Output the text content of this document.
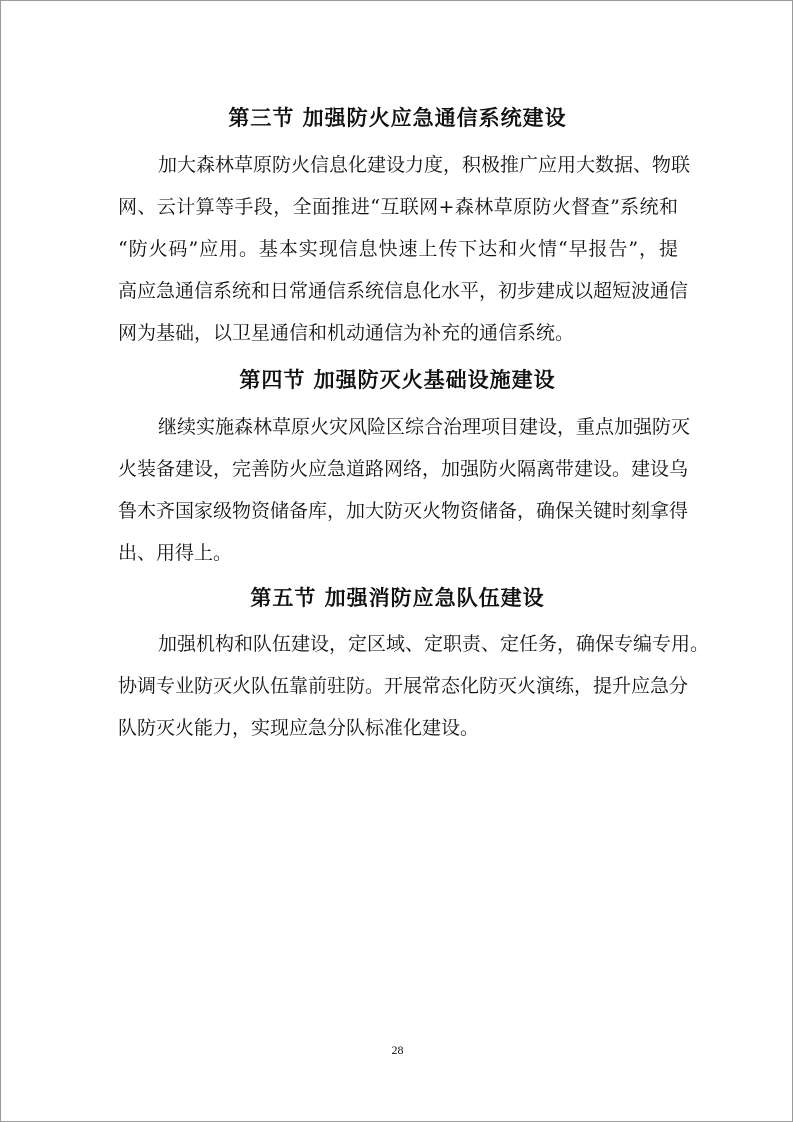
第三节 加强防火应急通信系统建设
加大森林草原防火信息化建设力度，积极推广应用大数据、物联
网、云计算等手段，全面推进“互联网+森林草原防火督查”系统和
“防火码”应用。基本实现信息快速上传下达和火情“早报告”，提
高应急通信系统和日常通信系统信息化水平，初步建成以超短波通信
网为基础，以卫星通信和机动通信为补充的通信系统。
第四节 加强防灭火基础设施建设
继续实施森林草原火灾风险区综合治理项目建设，重点加强防灭
火装备建设，完善防火应急道路网络，加强防火隔离带建设。建设乌
鲁木齐国家级物资储备库，加大防灭火物资储备，确保关键时刻拿得
出、用得上。
第五节 加强消防应急队伍建设
加强机构和队伍建设，定区域、定职责、定任务，确保专编专用。
协调专业防灭火队伍靠前驻防。开展常态化防灭火演练，提升应急分
队防灭火能力，实现应急分队标准化建设。
28
